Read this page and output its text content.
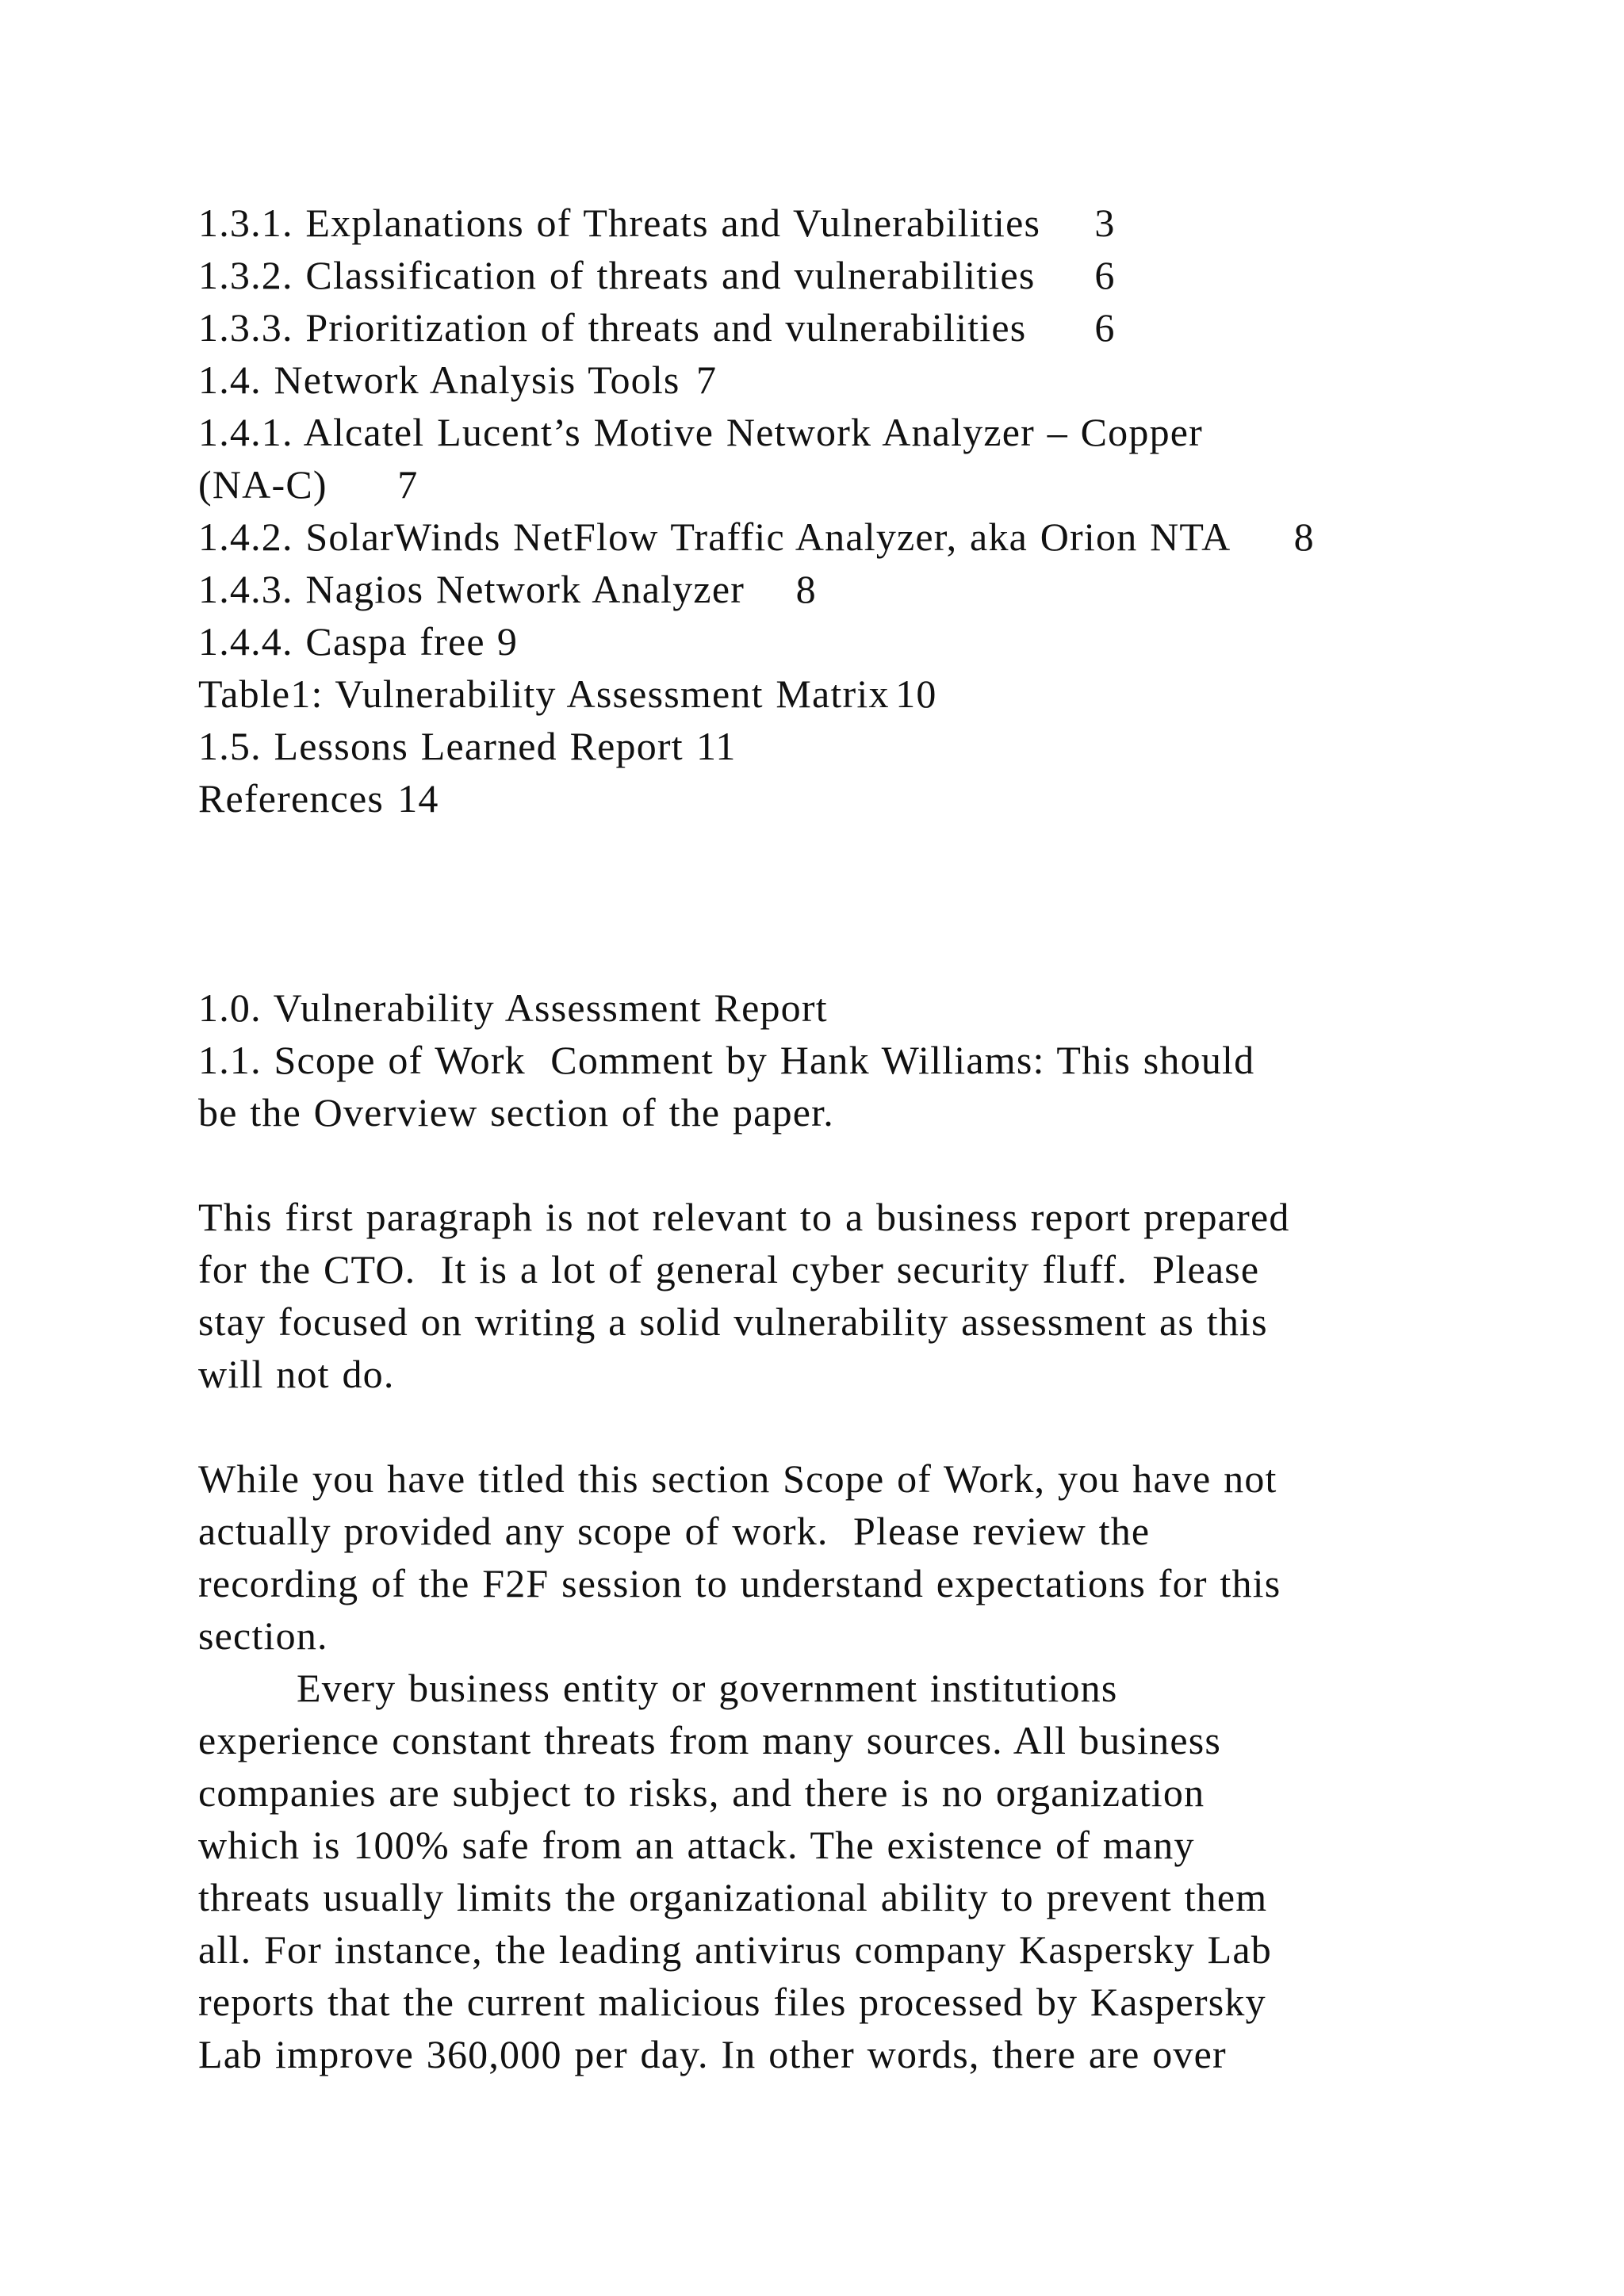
1.3.1. Explanations of Threats and Vulnerabilities	3
1.3.2. Classification of threats and vulnerabilities	6
1.3.3. Prioritization of threats and vulnerabilities	6
1.4. Network Analysis Tools	7
1.4.1. Alcatel Lucent’s Motive Network Analyzer – Copper
(NA-C)	7
1.4.2. SolarWinds NetFlow Traffic Analyzer, aka Orion NTA	8
1.4.3. Nagios Network Analyzer	8
1.4.4. Caspa free	9
Table1: Vulnerability Assessment Matrix	10
1.5. Lessons Learned Report	11
References	14
1.0. Vulnerability Assessment Report
1.1. Scope of Work  Comment by Hank Williams: This should
be the Overview section of the paper.
This first paragraph is not relevant to a business report prepared
for the CTO.  It is a lot of general cyber security fluff.  Please
stay focused on writing a solid vulnerability assessment as this
will not do.
While you have titled this section Scope of Work, you have not
actually provided any scope of work.  Please review the
recording of the F2F session to understand expectations for this
section.
Every business entity or government institutions
experience constant threats from many sources. All business
companies are subject to risks, and there is no organization
which is 100% safe from an attack. The existence of many
threats usually limits the organizational ability to prevent them
all. For instance, the leading antivirus company Kaspersky Lab
reports that the current malicious files processed by Kaspersky
Lab improve 360,000 per day. In other words, there are over
